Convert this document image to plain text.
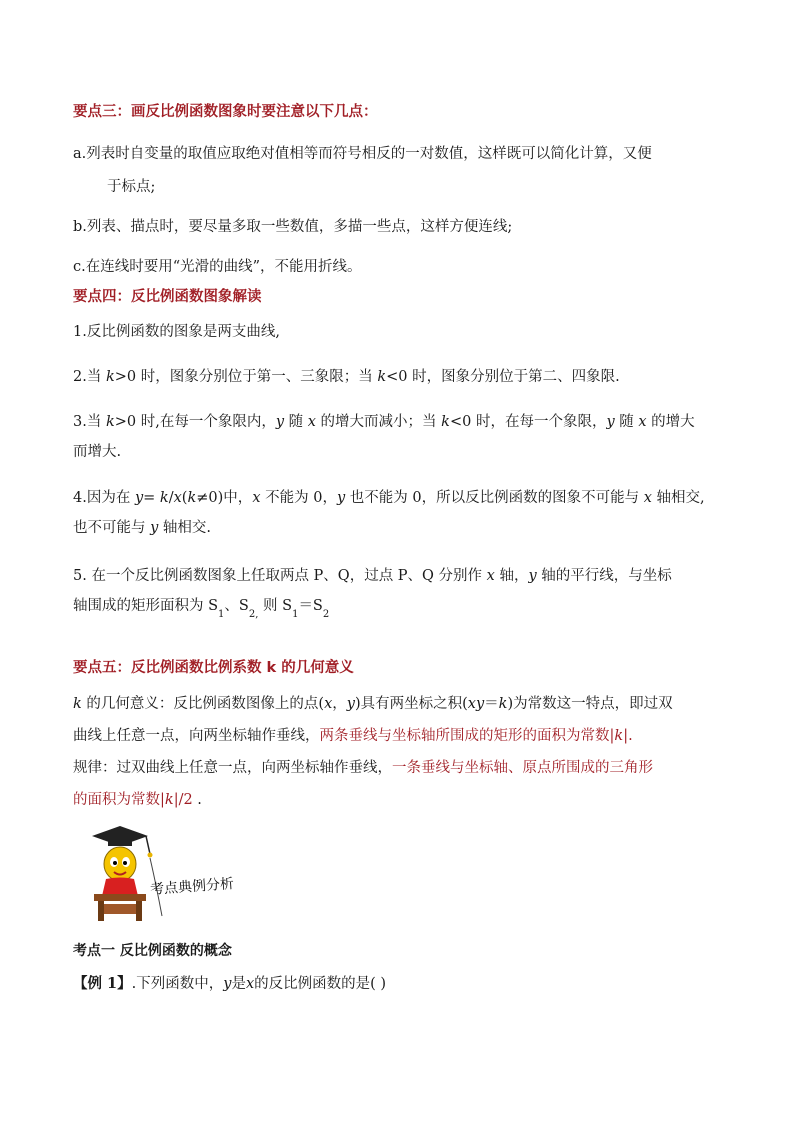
要点三：画反比例函数图象时要注意以下几点：
a.列表时自变量的取值应取绝对值相等而符号相反的一对数值，这样既可以简化计算，又便
于标点;
b.列表、描点时，要尽量多取一些数值，多描一些点，这样方便连线;
c.在连线时要用“光滑的曲线”，不能用折线。
要点四：反比例函数图象解读
1.反比例函数的图象是两支曲线,
2.当 k>0 时，图象分别位于第一、三象限；当 k<0 时，图象分别位于第二、四象限.
3.当 k>0 时,在每一个象限内，y 随 x 的增大而减小；当 k<0 时，在每一个象限，y 随 x 的增大
而增大.
4.因为在 y= k/x(k≠0)中，x 不能为 0，y 也不能为 0，所以反比例函数的图象不可能与 x 轴相交,
也不可能与 y 轴相交.
5. 在一个反比例函数图象上任取两点 P、Q，过点 P、Q 分别作 x 轴，y 轴的平行线，与坐标
轴围成的矩形面积为 $S_1$、$S_{2,}$ 则 $S_1=S_2$
要点五：反比例函数比例系数 k 的几何意义
k 的几何意义：反比例函数图像上的点(x，y)具有两坐标之积(xy＝k)为常数这一特点，即过双
曲线上任意一点，向两坐标轴作垂线，两条垂线与坐标轴所围成的矩形的面积为常数|k|.
规律：过双曲线上任意一点，向两坐标轴作垂线，一条垂线与坐标轴、原点所围成的三角形
的面积为常数|k|/2 .
考点典例分析
考点一 反比例函数的概念
【例 1】.下列函数中，y是x的反比例函数的是( )
